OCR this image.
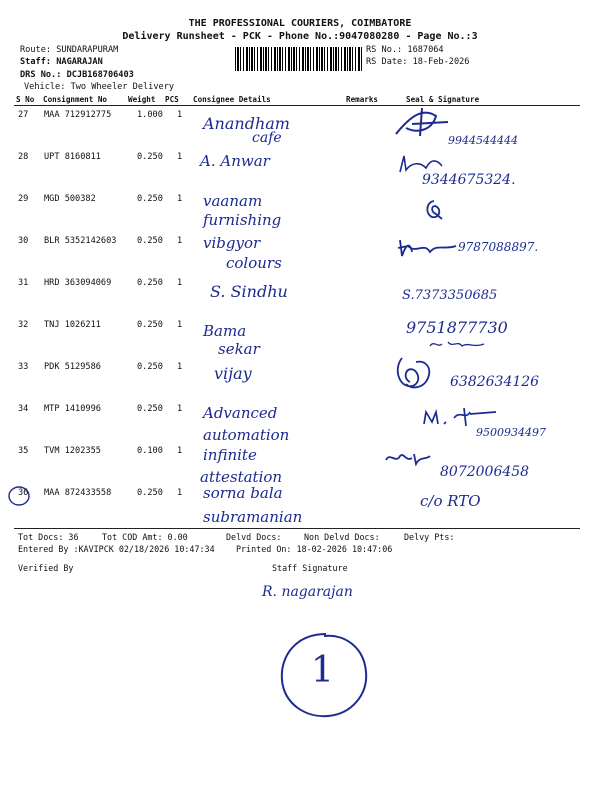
THE PROFESSIONAL COURIERS, COIMBATORE
Delivery Runsheet - PCK - Phone No.:9047080280 - Page No.:3
Route: SUNDARAPURAM
Staff: NAGARAJAN
DRS No.: DCJB168706403
Vehicle: Two Wheeler Delivery
RS No.: 1687064
RS Date: 18-Feb-2026
S No Consignment No	Weight PCS Consignee Details	Remarks	Seal & Signature
27 MAA 712912775	1.000 1 Anandham
cafe	9944544444
28 UPT 8160811	0.250 1 A. Anwar
9344675324.
29 MGD 500382	0.250 1 vaanam
furnishing
30 BLR 5352142603 0.250 1 vibgyor
colours
9787088897.
31 HRD 363094069	0.250 1 S. Sindhu	S.7373350685
32 TNJ 1026211	0.250 1 Bama
sekar
9751877730
33 PDK 5129586	0.250 1 vijay	6382634126
34 MTP 1410996	0.250 1 Advanced
automation	9500934497
35 TVM 1202355	0.100 1 infinite
attestation	8072006458
36 MAA 872433558	0.250 1 sorna bala
subramanian
c/o RTO
Tot Docs: 36	Tot COD Amt: 0.00	Delvd Docs:	Non Delvd Docs:	Delvy Pts:
Entered By :KAVIPCK 02/18/2026 10:47:34	Printed On: 18-02-2026 10:47:06
Verified By	Staff Signature
R. nagarajan
1
